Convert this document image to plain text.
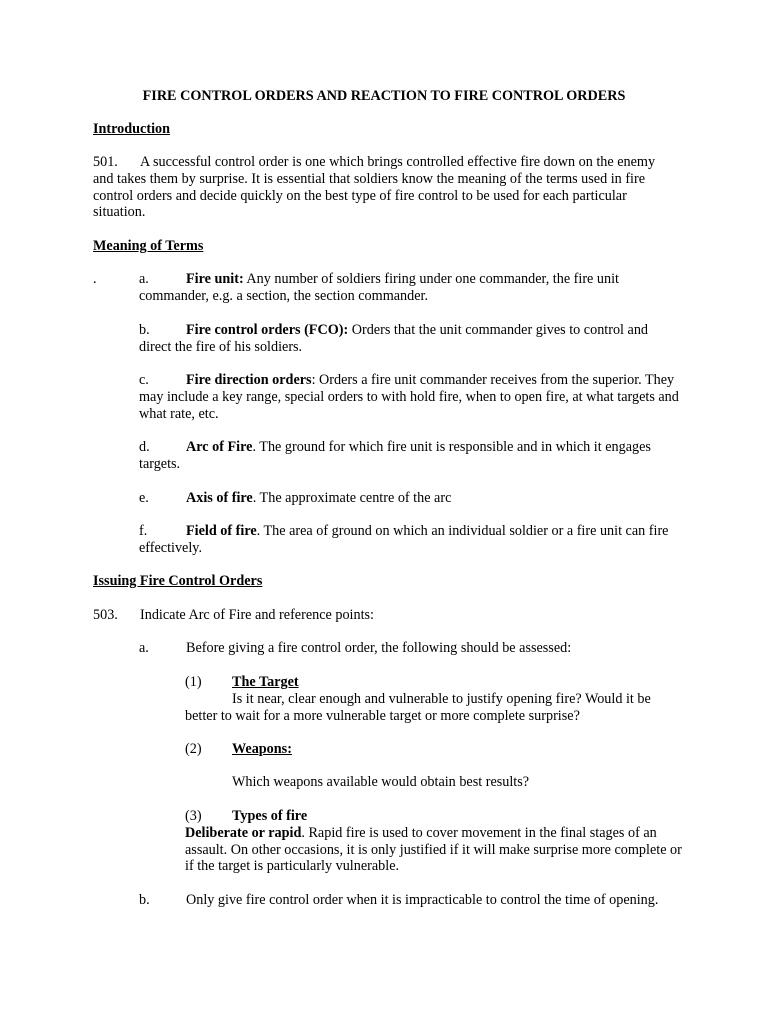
FIRE CONTROL ORDERS AND REACTION TO FIRE CONTROL ORDERS

Introduction

501. A successful control order is one which brings controlled effective fire down on the enemy and takes them by surprise. It is essential that soldiers know the meaning of the terms used in fire control orders and decide quickly on the best type of fire control to be used for each particular situation.

Meaning of Terms

.	a.	Fire unit: Any number of soldiers firing under one commander, the fire unit commander, e.g. a section, the section commander.

b.	Fire control orders (FCO): Orders that the unit commander gives to control and direct the fire of his soldiers.

c.	Fire direction orders: Orders a fire unit commander receives from the superior. They may include a key range, special orders to with hold fire, when to open fire, at what targets and what rate, etc.

d.	Arc of Fire. The ground for which fire unit is responsible and in which it engages targets.

e.	Axis of fire. The approximate centre of the arc

f.	Field of fire. The area of ground on which an individual soldier or a fire unit can fire effectively.

Issuing Fire Control Orders

503. Indicate Arc of Fire and reference points:

a.	Before giving a fire control order, the following should be assessed:

(1) The Target
Is it near, clear enough and vulnerable to justify opening fire? Would it be better to wait for a more vulnerable target or more complete surprise?

(2) Weapons:

Which weapons available would obtain best results?

(3) Types of fire
Deliberate or rapid. Rapid fire is used to cover movement in the final stages of an assault. On other occasions, it is only justified if it will make surprise more complete or if the target is particularly vulnerable.

b.	Only give fire control order when it is impracticable to control the time of opening.
